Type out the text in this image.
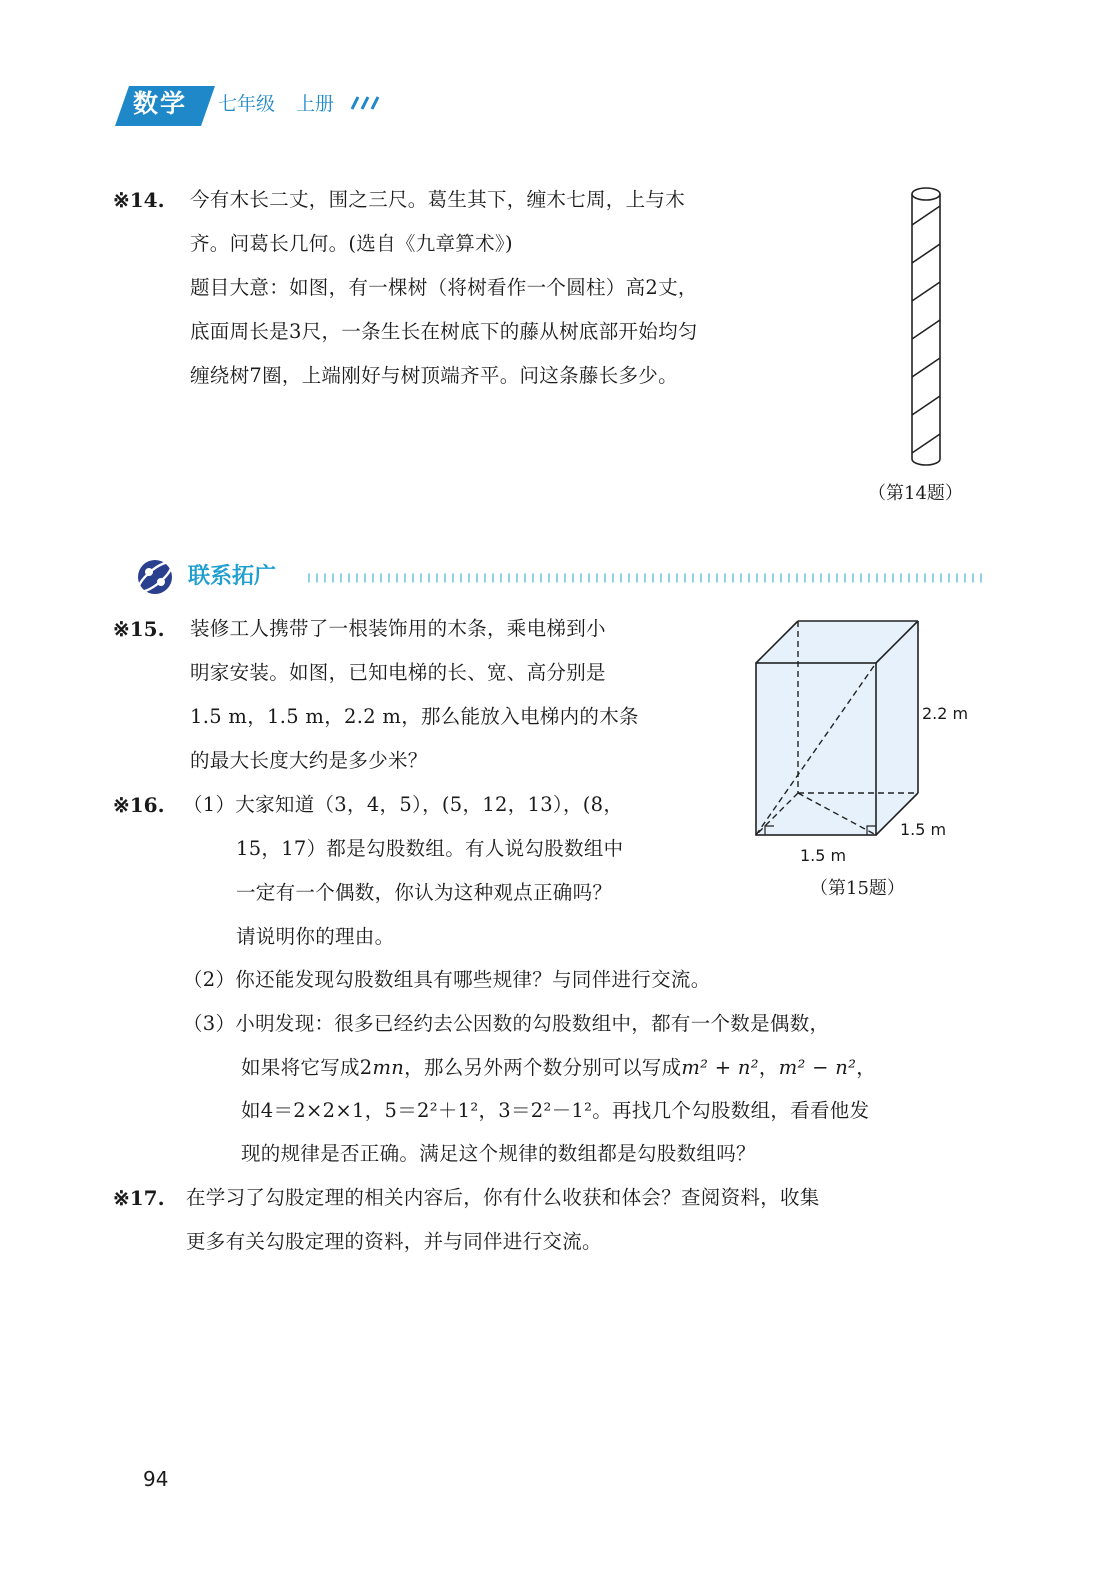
数学 七年级 上册
※14. 今有木长二丈，围之三尺。葛生其下，缠木七周，上与木
齐。问葛长几何。(选自《九章算术》)
题目大意：如图，有一棵树（将树看作一个圆柱）高2丈，
底面周长是3尺，一条生长在树底下的藤从树底部开始均匀
缠绕树7圈，上端刚好与树顶端齐平。问这条藤长多少。
（第14题）
联系拓广
※15. 装修工人携带了一根装饰用的木条，乘电梯到小
明家安装。如图，已知电梯的长、宽、高分别是
1.5 m，1.5 m，2.2 m，那么能放入电梯内的木条
的最大长度大约是多少米？
2.2 m
1.5 m
1.5 m
（第15题）
※16. （1）大家知道（3，4，5），(5，12，13），(8，
15，17）都是勾股数组。有人说勾股数组中
一定有一个偶数，你认为这种观点正确吗？
请说明你的理由。
（2）你还能发现勾股数组具有哪些规律？与同伴进行交流。
（3）小明发现：很多已经约去公因数的勾股数组中，都有一个数是偶数，
如果将它写成2mn，那么另外两个数分别可以写成m² + n²，m² − n²，
如4＝2×2×1，5＝2²＋1²，3＝2²－1²。再找几个勾股数组，看看他发
现的规律是否正确。满足这个规律的数组都是勾股数组吗？
※17. 在学习了勾股定理的相关内容后，你有什么收获和体会？查阅资料，收集
更多有关勾股定理的资料，并与同伴进行交流。
94
